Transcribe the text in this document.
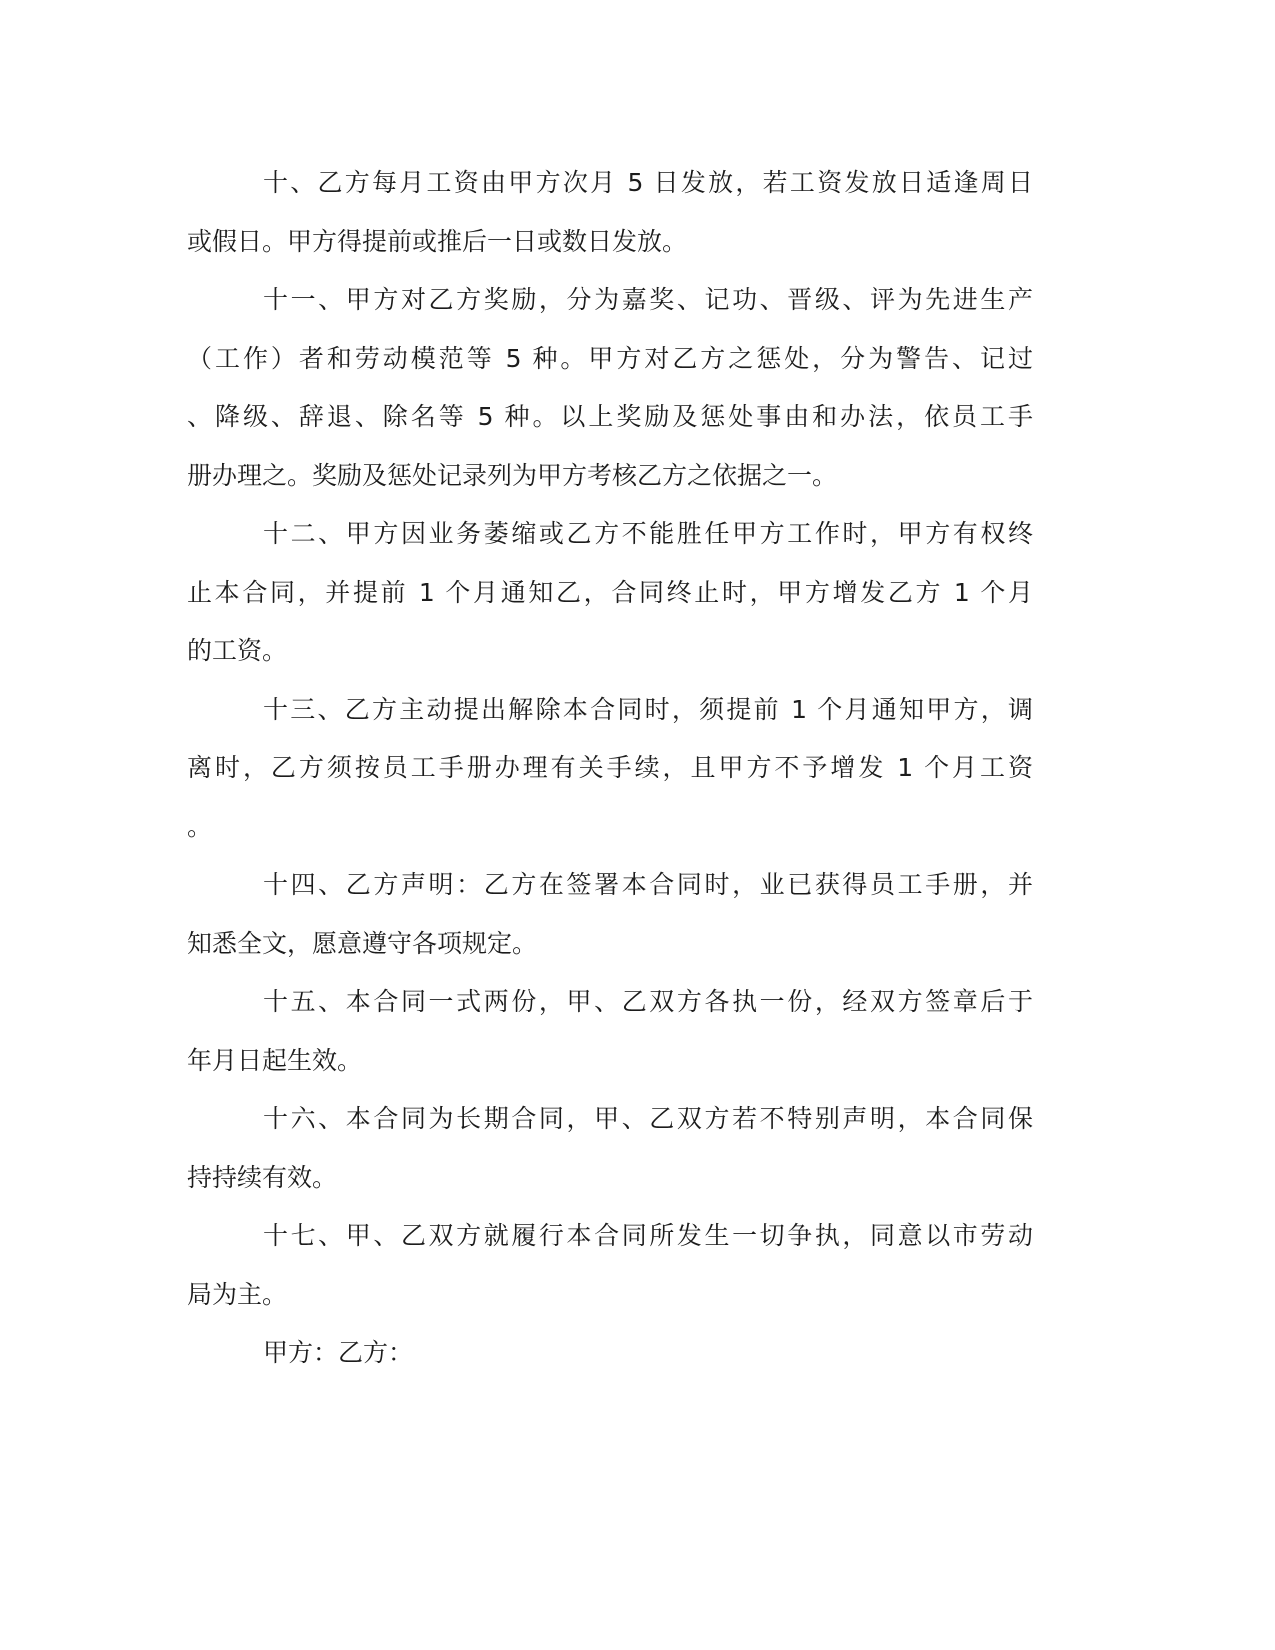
十、乙方每月工资由甲方次月 5 日发放，若工资发放日适逢周日
或假日。甲方得提前或推后一日或数日发放。
十一、甲方对乙方奖励，分为嘉奖、记功、晋级、评为先进生产
（工作）者和劳动模范等 5 种。甲方对乙方之惩处，分为警告、记过
、降级、辞退、除名等 5 种。以上奖励及惩处事由和办法，依员工手
册办理之。奖励及惩处记录列为甲方考核乙方之依据之一。
十二、甲方因业务萎缩或乙方不能胜任甲方工作时，甲方有权终
止本合同，并提前 1 个月通知乙，合同终止时，甲方增发乙方 1 个月
的工资。
十三、乙方主动提出解除本合同时，须提前 1 个月通知甲方，调
离时，乙方须按员工手册办理有关手续，且甲方不予增发 1 个月工资
。
十四、乙方声明：乙方在签署本合同时，业已获得员工手册，并
知悉全文，愿意遵守各项规定。
十五、本合同一式两份，甲、乙双方各执一份，经双方签章后于
年月日起生效。
十六、本合同为长期合同，甲、乙双方若不特别声明，本合同保
持持续有效。
十七、甲、乙双方就履行本合同所发生一切争执，同意以市劳动
局为主。
甲方：乙方：
